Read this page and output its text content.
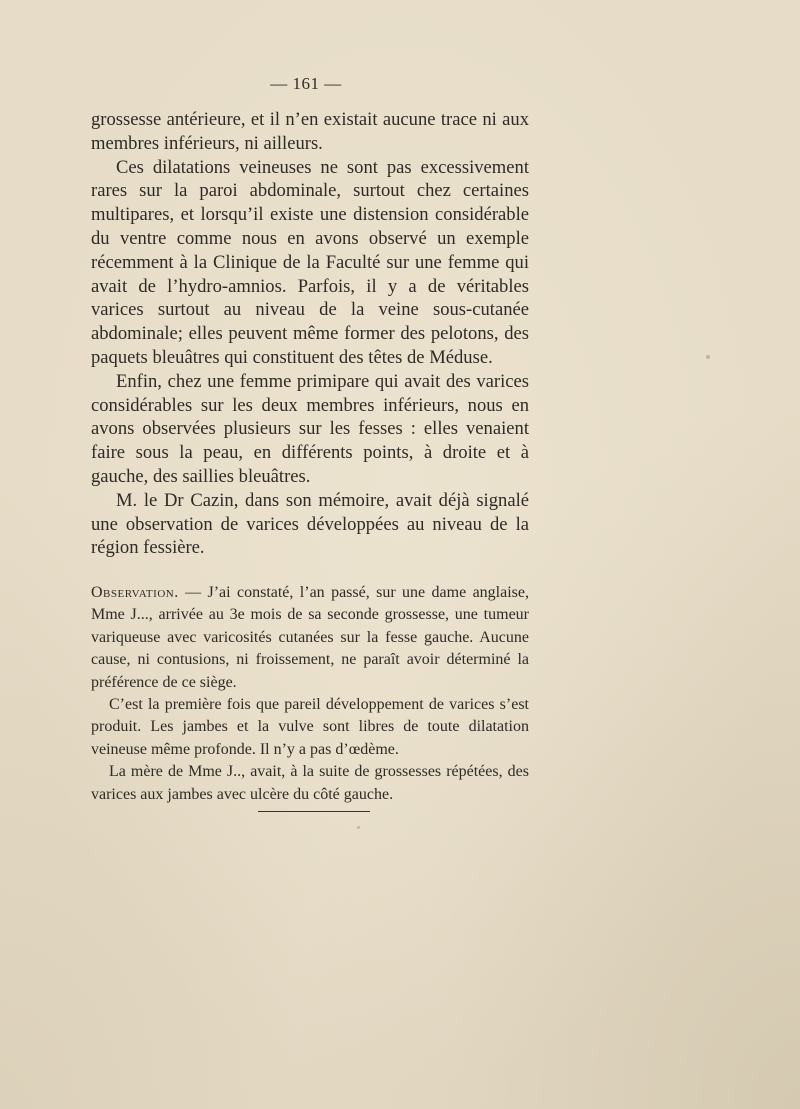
— 161 —

grossesse antérieure, et il n’en existait aucune trace ni aux membres inférieurs, ni ailleurs.

Ces dilatations veineuses ne sont pas excessivement rares sur la paroi abdominale, surtout chez certaines multipares, et lorsqu’il existe une distension considérable du ventre comme nous en avons observé un exemple récemment à la Clinique de la Faculté sur une femme qui avait de l’hydro-amnios. Parfois, il y a de véritables varices surtout au niveau de la veine sous-cutanée abdominale; elles peuvent même former des pelotons, des paquets bleuâtres qui constituent des têtes de Méduse.

Enfin, chez une femme primipare qui avait des varices considérables sur les deux membres inférieurs, nous en avons observées plusieurs sur les fesses : elles venaient faire sous la peau, en différents points, à droite et à gauche, des saillies bleuâtres.

M. le Dr Cazin, dans son mémoire, avait déjà signalé une observation de varices développées au niveau de la région fessière.

Observation. — J’ai constaté, l’an passé, sur une dame anglaise, Mme J..., arrivée au 3e mois de sa seconde grossesse, une tumeur variqueuse avec varicosités cutanées sur la fesse gauche. Aucune cause, ni contusions, ni froissement, ne paraît avoir déterminé la préférence de ce siège.

C’est la première fois que pareil développement de varices s’est produit. Les jambes et la vulve sont libres de toute dilatation veineuse même profonde. Il n’y a pas d’œdème.

La mère de Mme J.., avait, à la suite de grossesses répétées, des varices aux jambes avec ulcère du côté gauche.
